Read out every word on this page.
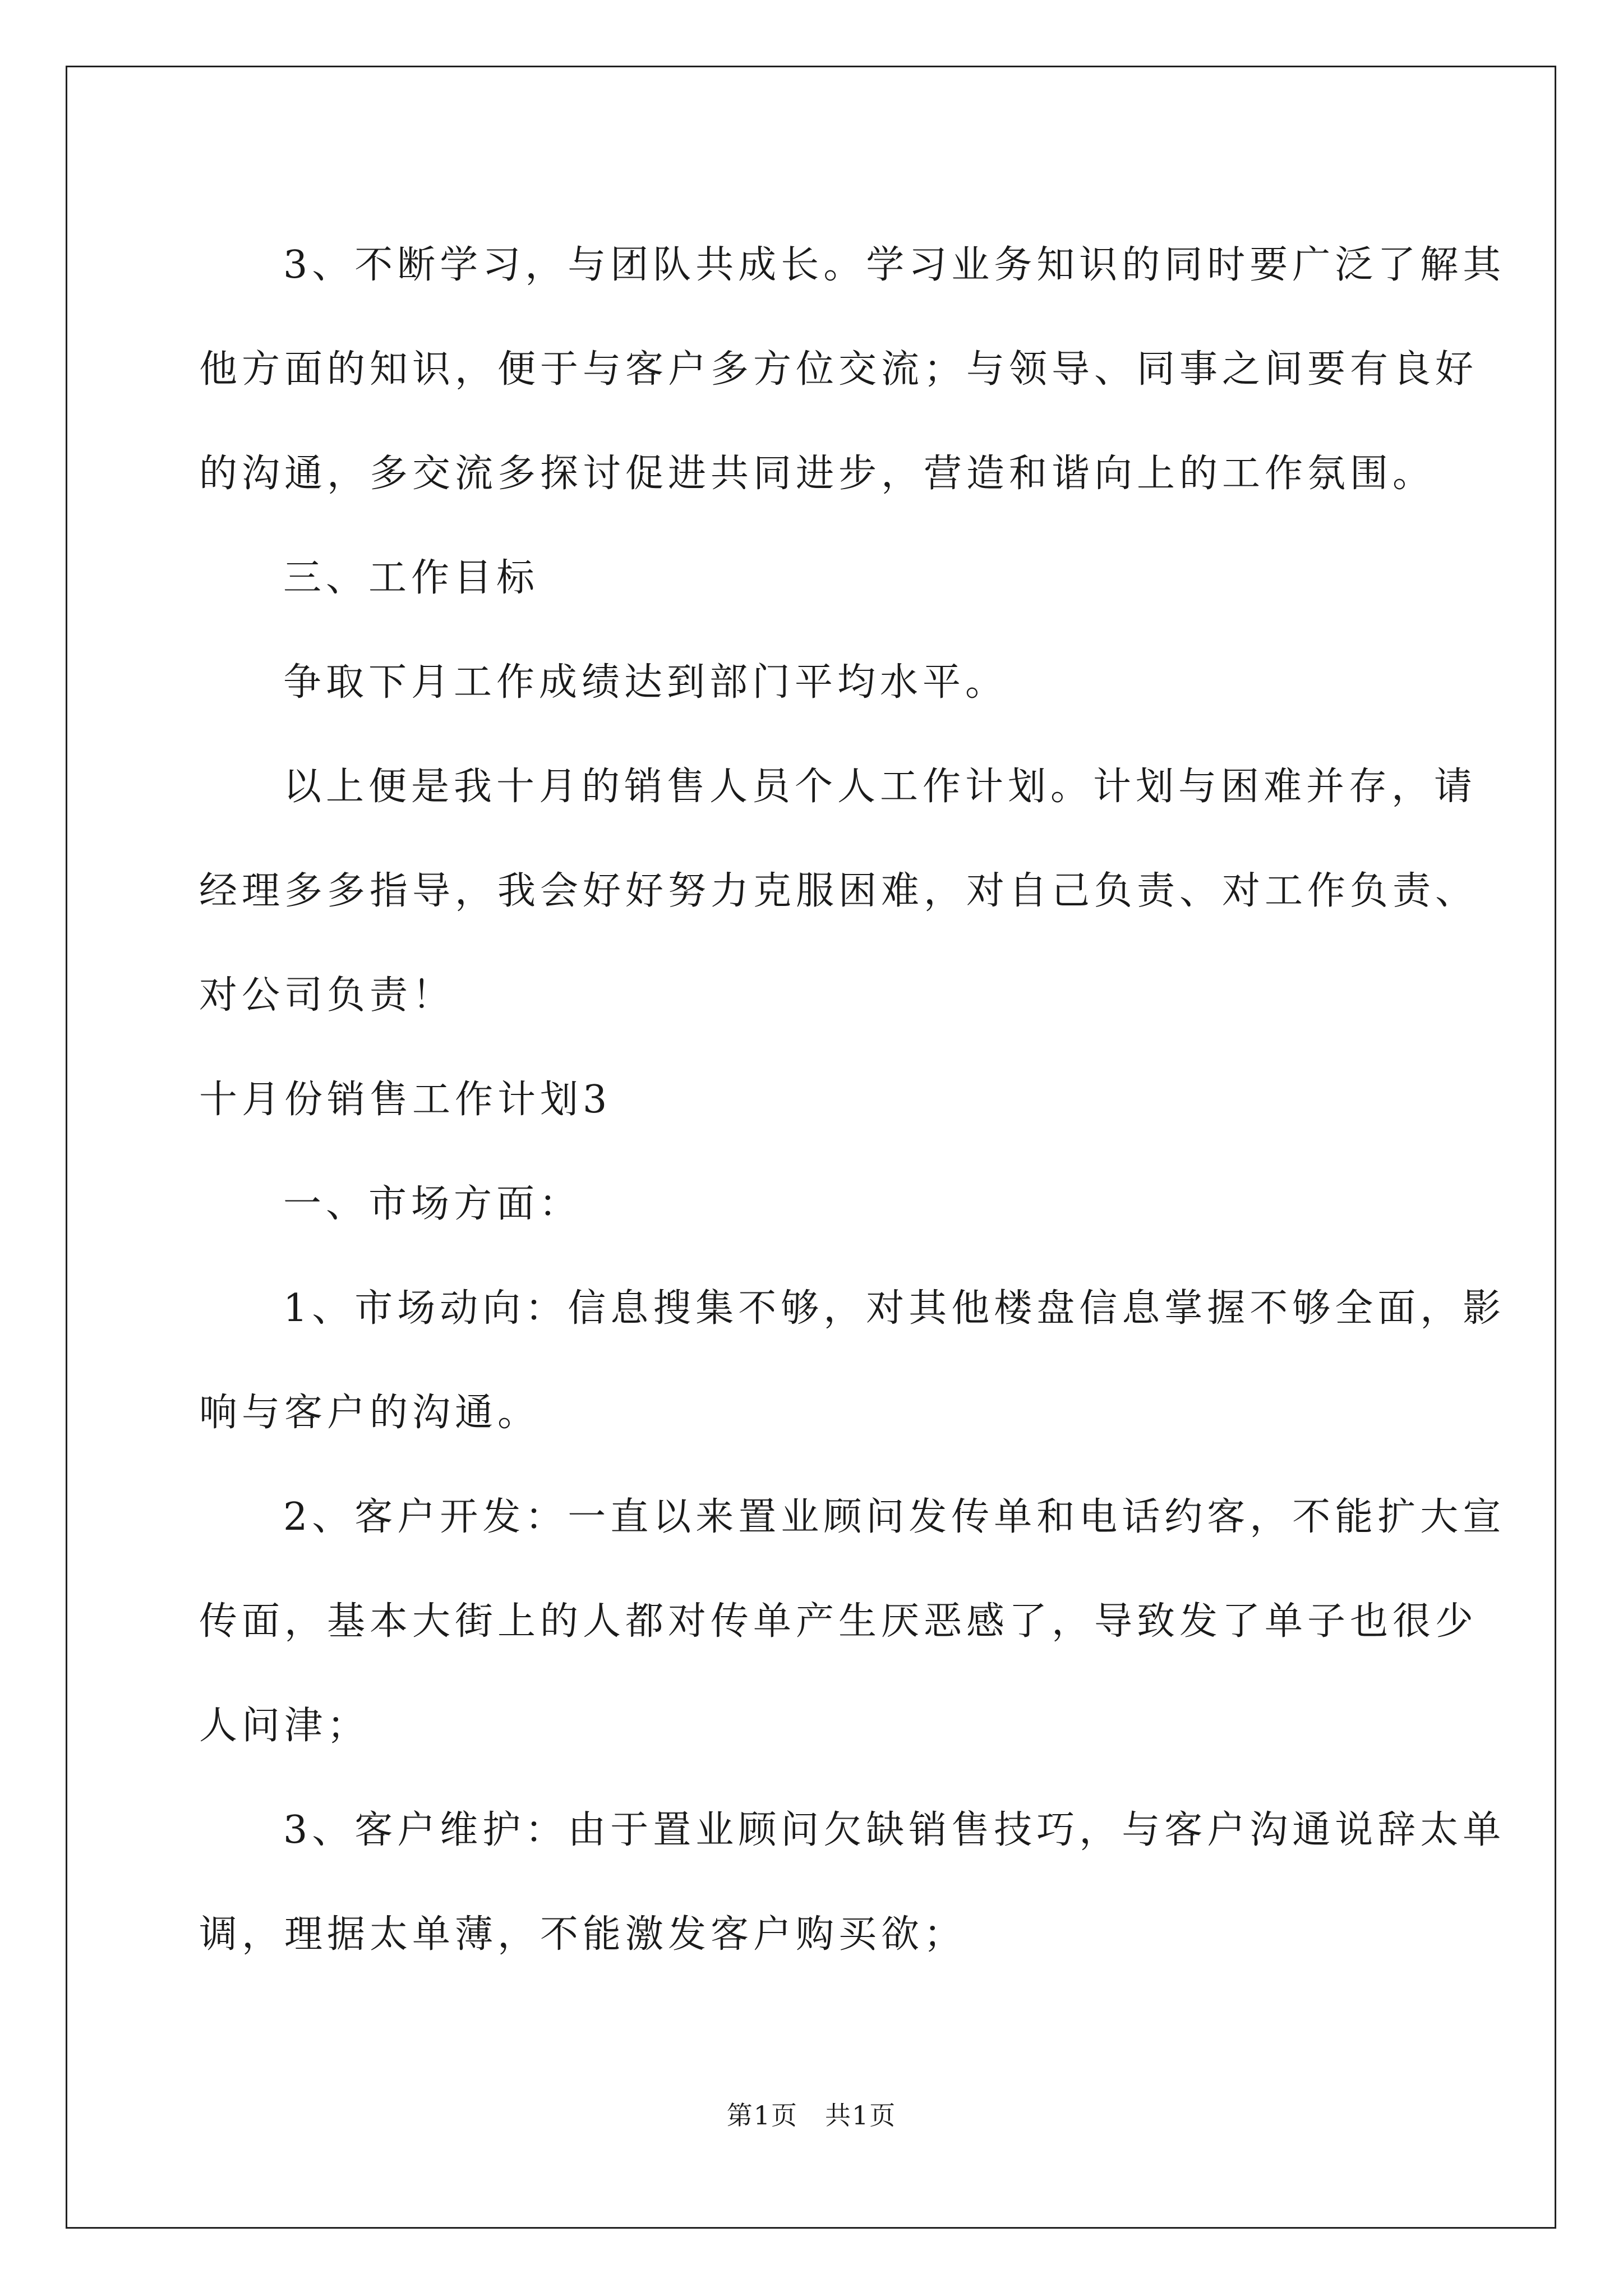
3、不断学习，与团队共成长。学习业务知识的同时要广泛了解其
他方面的知识，便于与客户多方位交流；与领导、同事之间要有良好
的沟通，多交流多探讨促进共同进步，营造和谐向上的工作氛围。
三、工作目标
争取下月工作成绩达到部门平均水平。
以上便是我十月的销售人员个人工作计划。计划与困难并存，请
经理多多指导，我会好好努力克服困难，对自己负责、对工作负责、
对公司负责！
十月份销售工作计划3
一、市场方面：
1、市场动向：信息搜集不够，对其他楼盘信息掌握不够全面，影
响与客户的沟通。
2、客户开发：一直以来置业顾问发传单和电话约客，不能扩大宣
传面，基本大街上的人都对传单产生厌恶感了，导致发了单子也很少
人问津；
3、客户维护：由于置业顾问欠缺销售技巧，与客户沟通说辞太单
调，理据太单薄，不能激发客户购买欲；
第1页　共1页
